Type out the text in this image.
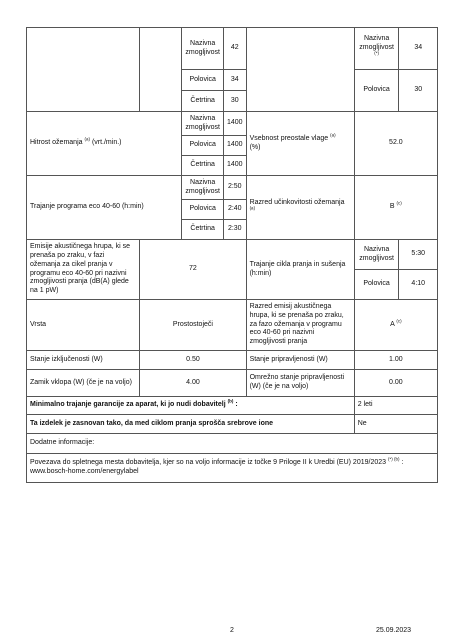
		Nazivna zmogljivost	42		Nazivna zmogljivost (*)	34
		Polovica	34		Polovica	30
		Četrtina	30			
Hitrost ožemanja $^{(a)}$ (vrt./min.)		Nazivna zmogljivost	1400	Vsebnost preostale vlage $^{(a)}$
(%)	52.0	
		Polovica	1400			
		Četrtina	1400			
Trajanje programa eco 40-60 (h:min)		Nazivna zmogljivost	2:50	Razred učinkovitosti ožemanja
$^{(a)}$	B $^{(c)}$
		Polovica	2:40			
		Četrtina	2:30			
Emisije akustičnega hrupa, ki se prenaša po zraku, v fazi ožemanja za cikel pranja v programu eco 40-60 pri nazivni zmogljivosti pranja (dB(A) glede na 1 pW)	72			Trajanje cikla pranja in sušenja (h:min)	Nazivna zmogljivost	5:30
					Polovica	4:10
Vrsta	Prostostoječi			Razred emisij akustičnega hrupa, ki se prenaša po zraku, za fazo ožemanja v programu eco 40-60 pri nazivni zmogljivosti pranja	A $^{(c)}$
Stanje izključenosti (W)	0.50			Stanje pripravljenosti (W)	1.00	
Zamik vklopa (W) (če je na voljo)	4.00			Omrežno stanje pripravljenosti (W) (če je na voljo)	0.00	
Minimalno trajanje garancije za aparat, ki jo nudi dobavitelj $^{(b)}$ :					2 leti	
Ta izdelek je zasnovan tako, da med ciklom pranja sprošča srebrove ione					Ne	
Dodatne informacije:						
Povezava do spletnega mesta dobavitelja, kjer so na voljo informacije iz točke 9 Priloge II k Uredbi (EU) 2019/2023 $^{(*) (b)}$ : www.bosch-home.com/energylabel						
2	25.09.2023
